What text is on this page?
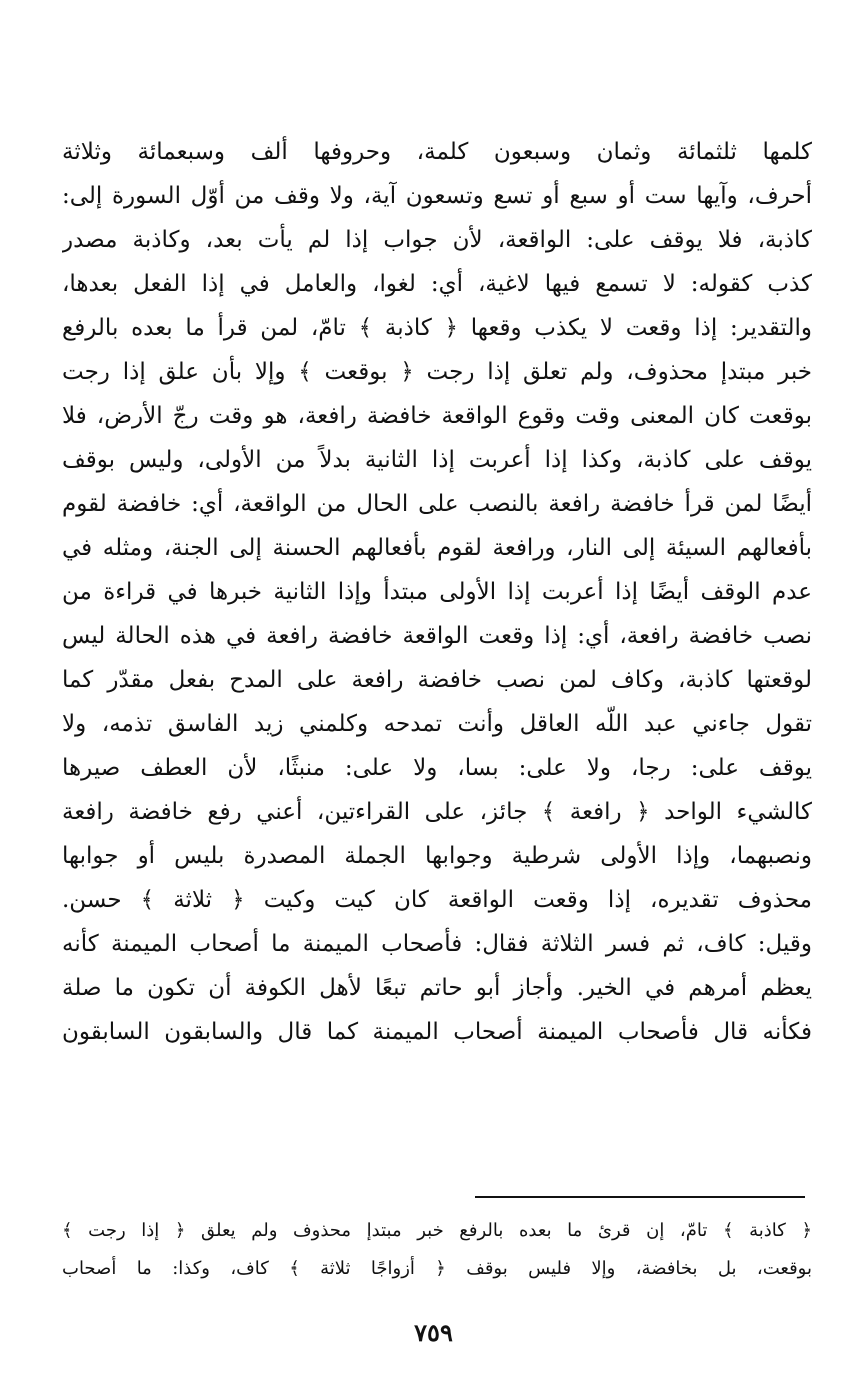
كلمها ثلثمائة وثمان وسبعون كلمة، وحروفها ألف وسبعمائة وثلاثة
أحرف، وآيها ست أو سبع أو تسع وتسعون آية، ولا وقف من أوّل السورة إلى:
كاذبة، فلا يوقف على: الواقعة، لأن جواب إذا لم يأت بعد، وكاذبة مصدر
كذب كقوله: لا تسمع فيها لاغية، أي: لغوا، والعامل في إذا الفعل بعدها،
والتقدير: إذا وقعت لا يكذب وقعها ﴿ كاذبة ﴾ تامّ، لمن قرأ ما بعده بالرفع
خبر مبتدإ محذوف، ولم تعلق إذا رجت ﴿ بوقعت ﴾ وإلا بأن علق إذا رجت
بوقعت كان المعنى وقت وقوع الواقعة خافضة رافعة، هو وقت رجّ الأرض، فلا
يوقف على كاذبة، وكذا إذا أعربت إذا الثانية بدلاً من الأولى، وليس بوقف
أيضًا لمن قرأ خافضة رافعة بالنصب على الحال من الواقعة، أي: خافضة لقوم
بأفعالهم السيئة إلى النار، ورافعة لقوم بأفعالهم الحسنة إلى الجنة، ومثله في
عدم الوقف أيضًا إذا أعربت إذا الأولى مبتدأ وإذا الثانية خبرها في قراءة من
نصب خافضة رافعة، أي: إذا وقعت الواقعة خافضة رافعة في هذه الحالة ليس
لوقعتها كاذبة، وكاف لمن نصب خافضة رافعة على المدح بفعل مقدّر كما
تقول جاءني عبد اللّه العاقل وأنت تمدحه وكلمني زيد الفاسق تذمه، ولا
يوقف على: رجا، ولا على: بسا، ولا على: منبثًا، لأن العطف صيرها
كالشيء الواحد ﴿ رافعة ﴾ جائز، على القراءتين، أعني رفع خافضة رافعة
ونصبهما، وإذا الأولى شرطية وجوابها الجملة المصدرة بليس أو جوابها
محذوف تقديره، إذا وقعت الواقعة كان كيت وكيت ﴿ ثلاثة ﴾ حسن.
وقيل: كاف، ثم فسر الثلاثة فقال: فأصحاب الميمنة ما أصحاب الميمنة كأنه
يعظم أمرهم في الخير. وأجاز أبو حاتم تبعًا لأهل الكوفة أن تكون ما صلة
فكأنه قال فأصحاب الميمنة أصحاب الميمنة كما قال والسابقون السابقون
﴿ كاذبة ﴾ تامّ، إن قرئ ما بعده بالرفع خبر مبتدإ محذوف ولم يعلق ﴿ إذا رجت ﴾
بوقعت، بل بخافضة، وإلا فليس بوقف ﴿ أزواجًا ثلاثة ﴾ كاف، وكذا: ما أصحاب
٧٥٩
